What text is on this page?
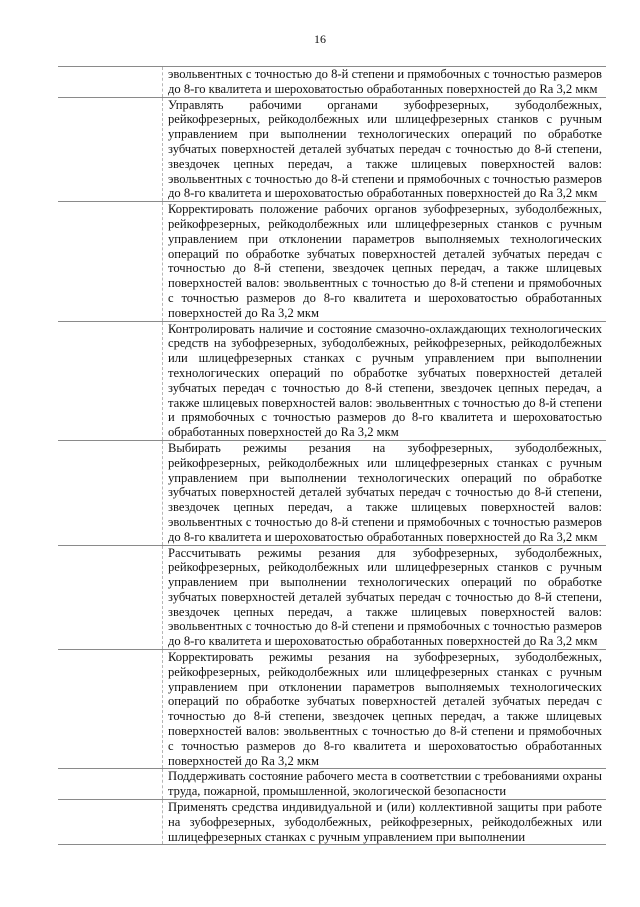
16
	эвольвентных с точностью до 8-й степени и прямобочных с точностью размеров до 8-го квалитета и шероховатостью обработанных поверхностей до Ra 3,2 мкм
	Управлять рабочими органами зубофрезерных, зубодолбежных, рейкофрезерных, рейкодолбежных или шлицефрезерных станков с ручным управлением при выполнении технологических операций по обработке зубчатых поверхностей деталей зубчатых передач с точностью до 8-й степени, звездочек цепных передач, а также шлицевых поверхностей валов: эвольвентных с точностью до 8-й степени и прямобочных с точностью размеров до 8-го квалитета и шероховатостью обработанных поверхностей до Ra 3,2 мкм
	Корректировать положение рабочих органов зубофрезерных, зубодолбежных, рейкофрезерных, рейкодолбежных или шлицефрезерных станков с ручным управлением при отклонении параметров выполняемых технологических операций по обработке зубчатых поверхностей деталей зубчатых передач с точностью до 8-й степени, звездочек цепных передач, а также шлицевых поверхностей валов: эвольвентных с точностью до 8-й степени и прямобочных с точностью размеров до 8-го квалитета и шероховатостью обработанных поверхностей до Ra 3,2 мкм
	Контролировать наличие и состояние смазочно-охлаждающих технологических средств на зубофрезерных, зубодолбежных, рейкофрезерных, рейкодолбежных или шлицефрезерных станках с ручным управлением при выполнении технологических операций по обработке зубчатых поверхностей деталей зубчатых передач с точностью до 8-й степени, звездочек цепных передач, а также шлицевых поверхностей валов: эвольвентных с точностью до 8-й степени и прямобочных с точностью размеров до 8-го квалитета и шероховатостью обработанных поверхностей до Ra 3,2 мкм
	Выбирать режимы резания на зубофрезерных, зубодолбежных, рейкофрезерных, рейкодолбежных или шлицефрезерных станках с ручным управлением при выполнении технологических операций по обработке зубчатых поверхностей деталей зубчатых передач с точностью до 8-й степени, звездочек цепных передач, а также шлицевых поверхностей валов: эвольвентных с точностью до 8-й степени и прямобочных с точностью размеров до 8-го квалитета и шероховатостью обработанных поверхностей до Ra 3,2 мкм
	Рассчитывать режимы резания для зубофрезерных, зубодолбежных, рейкофрезерных, рейкодолбежных или шлицефрезерных станков с ручным управлением при выполнении технологических операций по обработке зубчатых поверхностей деталей зубчатых передач с точностью до 8-й степени, звездочек цепных передач, а также шлицевых поверхностей валов: эвольвентных с точностью до 8-й степени и прямобочных с точностью размеров до 8-го квалитета и шероховатостью обработанных поверхностей до Ra 3,2 мкм
	Корректировать режимы резания на зубофрезерных, зубодолбежных, рейкофрезерных, рейкодолбежных или шлицефрезерных станках с ручным управлением при отклонении параметров выполняемых технологических операций по обработке зубчатых поверхностей деталей зубчатых передач с точностью до 8-й степени, звездочек цепных передач, а также шлицевых поверхностей валов: эвольвентных с точностью до 8-й степени и прямобочных с точностью размеров до 8-го квалитета и шероховатостью обработанных поверхностей до Ra 3,2 мкм
	Поддерживать состояние рабочего места в соответствии с требованиями охраны труда, пожарной, промышленной, экологической безопасности
	Применять средства индивидуальной и (или) коллективной защиты при работе на зубофрезерных, зубодолбежных, рейкофрезерных, рейкодолбежных или шлицефрезерных станках с ручным управлением при выполнении
